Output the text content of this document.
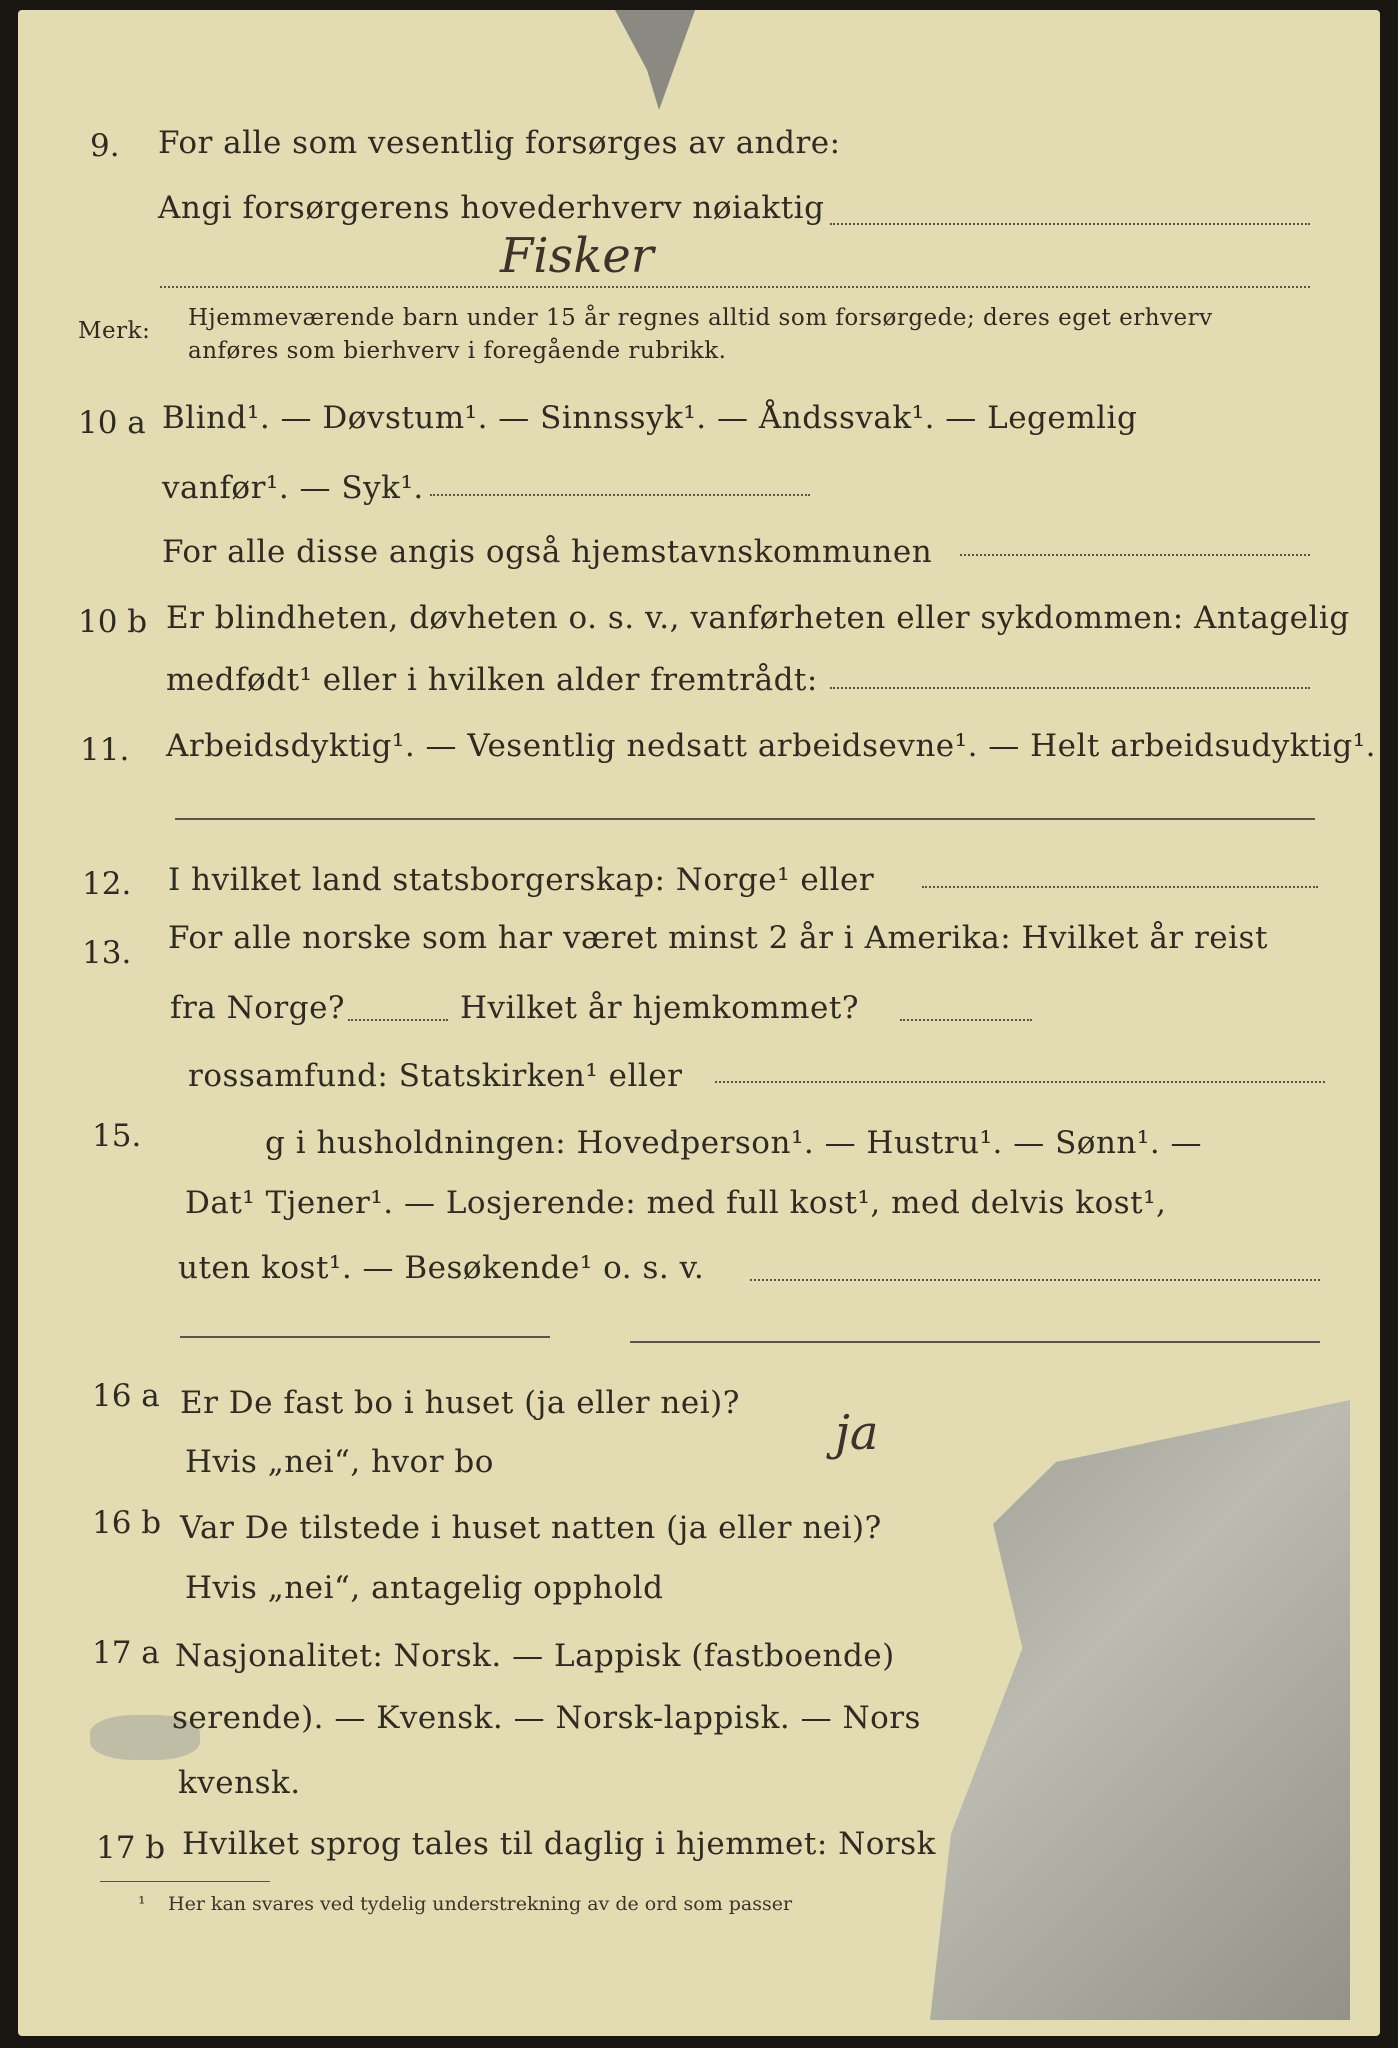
9. For alle som vesentlig forsørges av andre:
Angi forsørgerens hovederhverv nøiaktig
Fisker
Merk: Hjemmeværende barn under 15 år regnes alltid som forsørgede; deres eget erhverv
anføres som bierhverv i foregående rubrikk.
10 a Blind¹. — Døvstum¹. — Sinnssyk¹. — Åndssvak¹. — Legemlig
vanfør¹. — Syk¹.
For alle disse angis også hjemstavnskommunen
10 b Er blindheten, døvheten o. s. v., vanførheten eller sykdommen: Antagelig
medfødt¹ eller i hvilken alder fremtrådt:
11. Arbeidsdyktig¹. — Vesentlig nedsatt arbeidsevne¹. — Helt arbeidsudyktig¹.
12. I hvilket land statsborgerskap: Norge¹ eller
13. For alle norske som har været minst 2 år i Amerika: Hvilket år reist
fra Norge?	Hvilket år hjemkommet?
rossamfund: Statskirken¹ eller
15.	g i husholdningen: Hovedperson¹. — Hustru¹. — Sønn¹. —
Dat¹ Tjener¹. — Losjerende: med full kost¹, med delvis kost¹,
uten kost¹. — Besøkende¹ o. s. v.
16 a Er De fast bo i huset (ja eller nei)?
ja
Hvis „nei“, hvor bo
16 b Var De tilstede i huset natten (ja eller nei)?
Hvis „nei“, antagelig opphold
17 a Nasjonalitet: Norsk. — Lappisk (fastboende)
serende). — Kvensk. — Norsk-lappisk. — Nors
kvensk.
17 b Hvilket sprog tales til daglig i hjemmet: Norsk
¹ Her kan svares ved tydelig understrekning av de ord som passer
